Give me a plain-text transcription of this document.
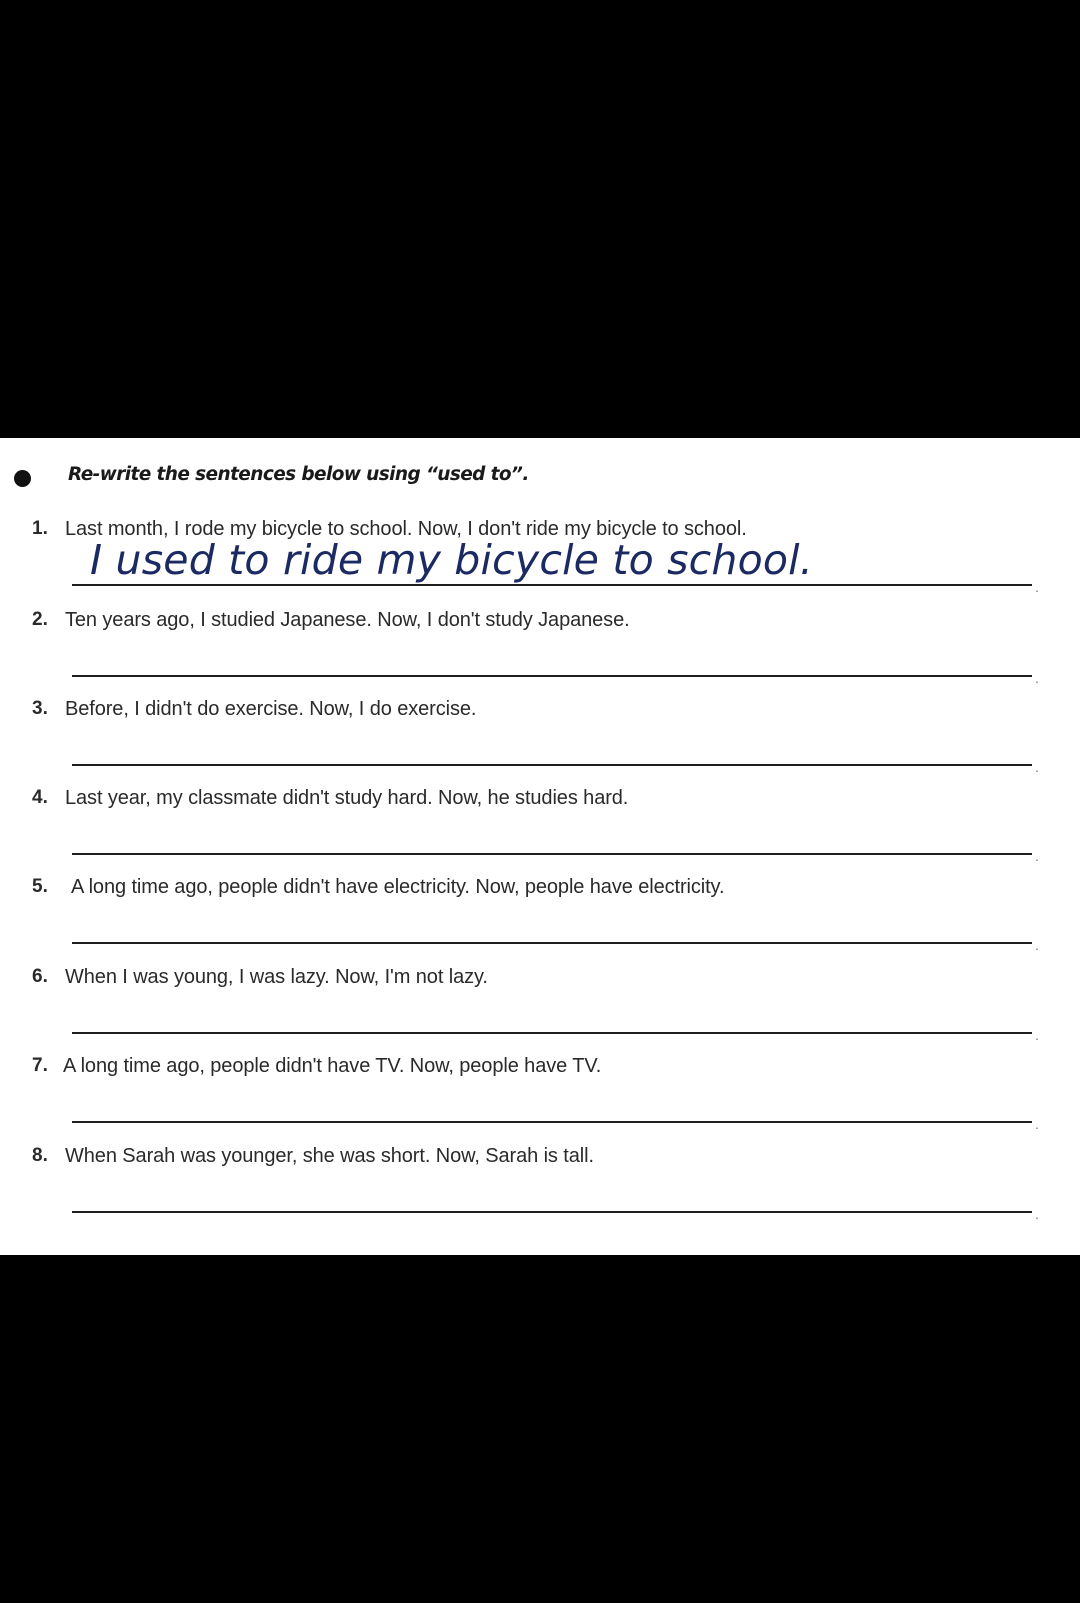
Re-write the sentences below using “used to”.
1. Last month, I rode my bicycle to school. Now, I don't ride my bicycle to school.
I used to ride my bicycle to school.
.
2. Ten years ago, I studied Japanese. Now, I don't study Japanese.
.
3. Before, I didn't do exercise. Now, I do exercise.
.
4. Last year, my classmate didn't study hard. Now, he studies hard.
.
5. A long time ago, people didn't have electricity. Now, people have electricity.
.
6. When I was young, I was lazy. Now, I'm not lazy.
.
7. A long time ago, people didn't have TV. Now, people have TV.
.
8. When Sarah was younger, she was short. Now, Sarah is tall.
.
